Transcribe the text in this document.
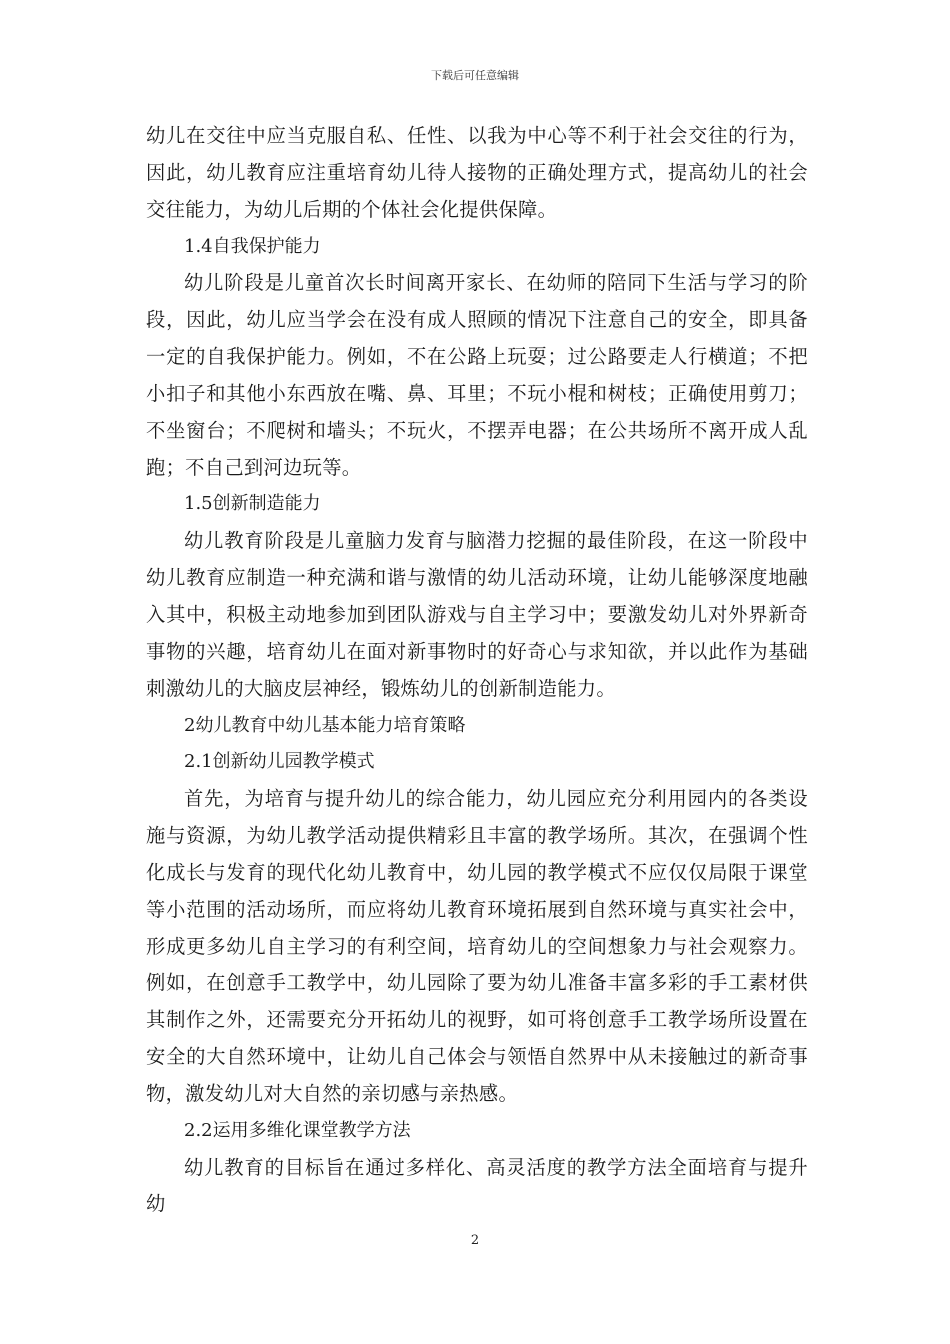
下载后可任意编辑

幼儿在交往中应当克服自私、任性、以我为中心等不利于社会交往的行为，因此，幼儿教育应注重培育幼儿待人接物的正确处理方式，提高幼儿的社会交往能力，为幼儿后期的个体社会化提供保障。

1.4自我保护能力

幼儿阶段是儿童首次长时间离开家长、在幼师的陪同下生活与学习的阶段，因此，幼儿应当学会在没有成人照顾的情况下注意自己的安全，即具备一定的自我保护能力。例如，不在公路上玩耍；过公路要走人行横道；不把小扣子和其他小东西放在嘴、鼻、耳里；不玩小棍和树枝；正确使用剪刀；不坐窗台；不爬树和墙头；不玩火，不摆弄电器；在公共场所不离开成人乱跑；不自己到河边玩等。

1.5创新制造能力

幼儿教育阶段是儿童脑力发育与脑潜力挖掘的最佳阶段，在这一阶段中幼儿教育应制造一种充满和谐与激情的幼儿活动环境，让幼儿能够深度地融入其中，积极主动地参加到团队游戏与自主学习中；要激发幼儿对外界新奇事物的兴趣，培育幼儿在面对新事物时的好奇心与求知欲，并以此作为基础刺激幼儿的大脑皮层神经，锻炼幼儿的创新制造能力。

2幼儿教育中幼儿基本能力培育策略

2.1创新幼儿园教学模式

首先，为培育与提升幼儿的综合能力，幼儿园应充分利用园内的各类设施与资源，为幼儿教学活动提供精彩且丰富的教学场所。其次，在强调个性化成长与发育的现代化幼儿教育中，幼儿园的教学模式不应仅仅局限于课堂等小范围的活动场所，而应将幼儿教育环境拓展到自然环境与真实社会中，形成更多幼儿自主学习的有利空间，培育幼儿的空间想象力与社会观察力。例如，在创意手工教学中，幼儿园除了要为幼儿准备丰富多彩的手工素材供其制作之外，还需要充分开拓幼儿的视野，如可将创意手工教学场所设置在安全的大自然环境中，让幼儿自己体会与领悟自然界中从未接触过的新奇事物，激发幼儿对大自然的亲切感与亲热感。

2.2运用多维化课堂教学方法

幼儿教育的目标旨在通过多样化、高灵活度的教学方法全面培育与提升幼

2
